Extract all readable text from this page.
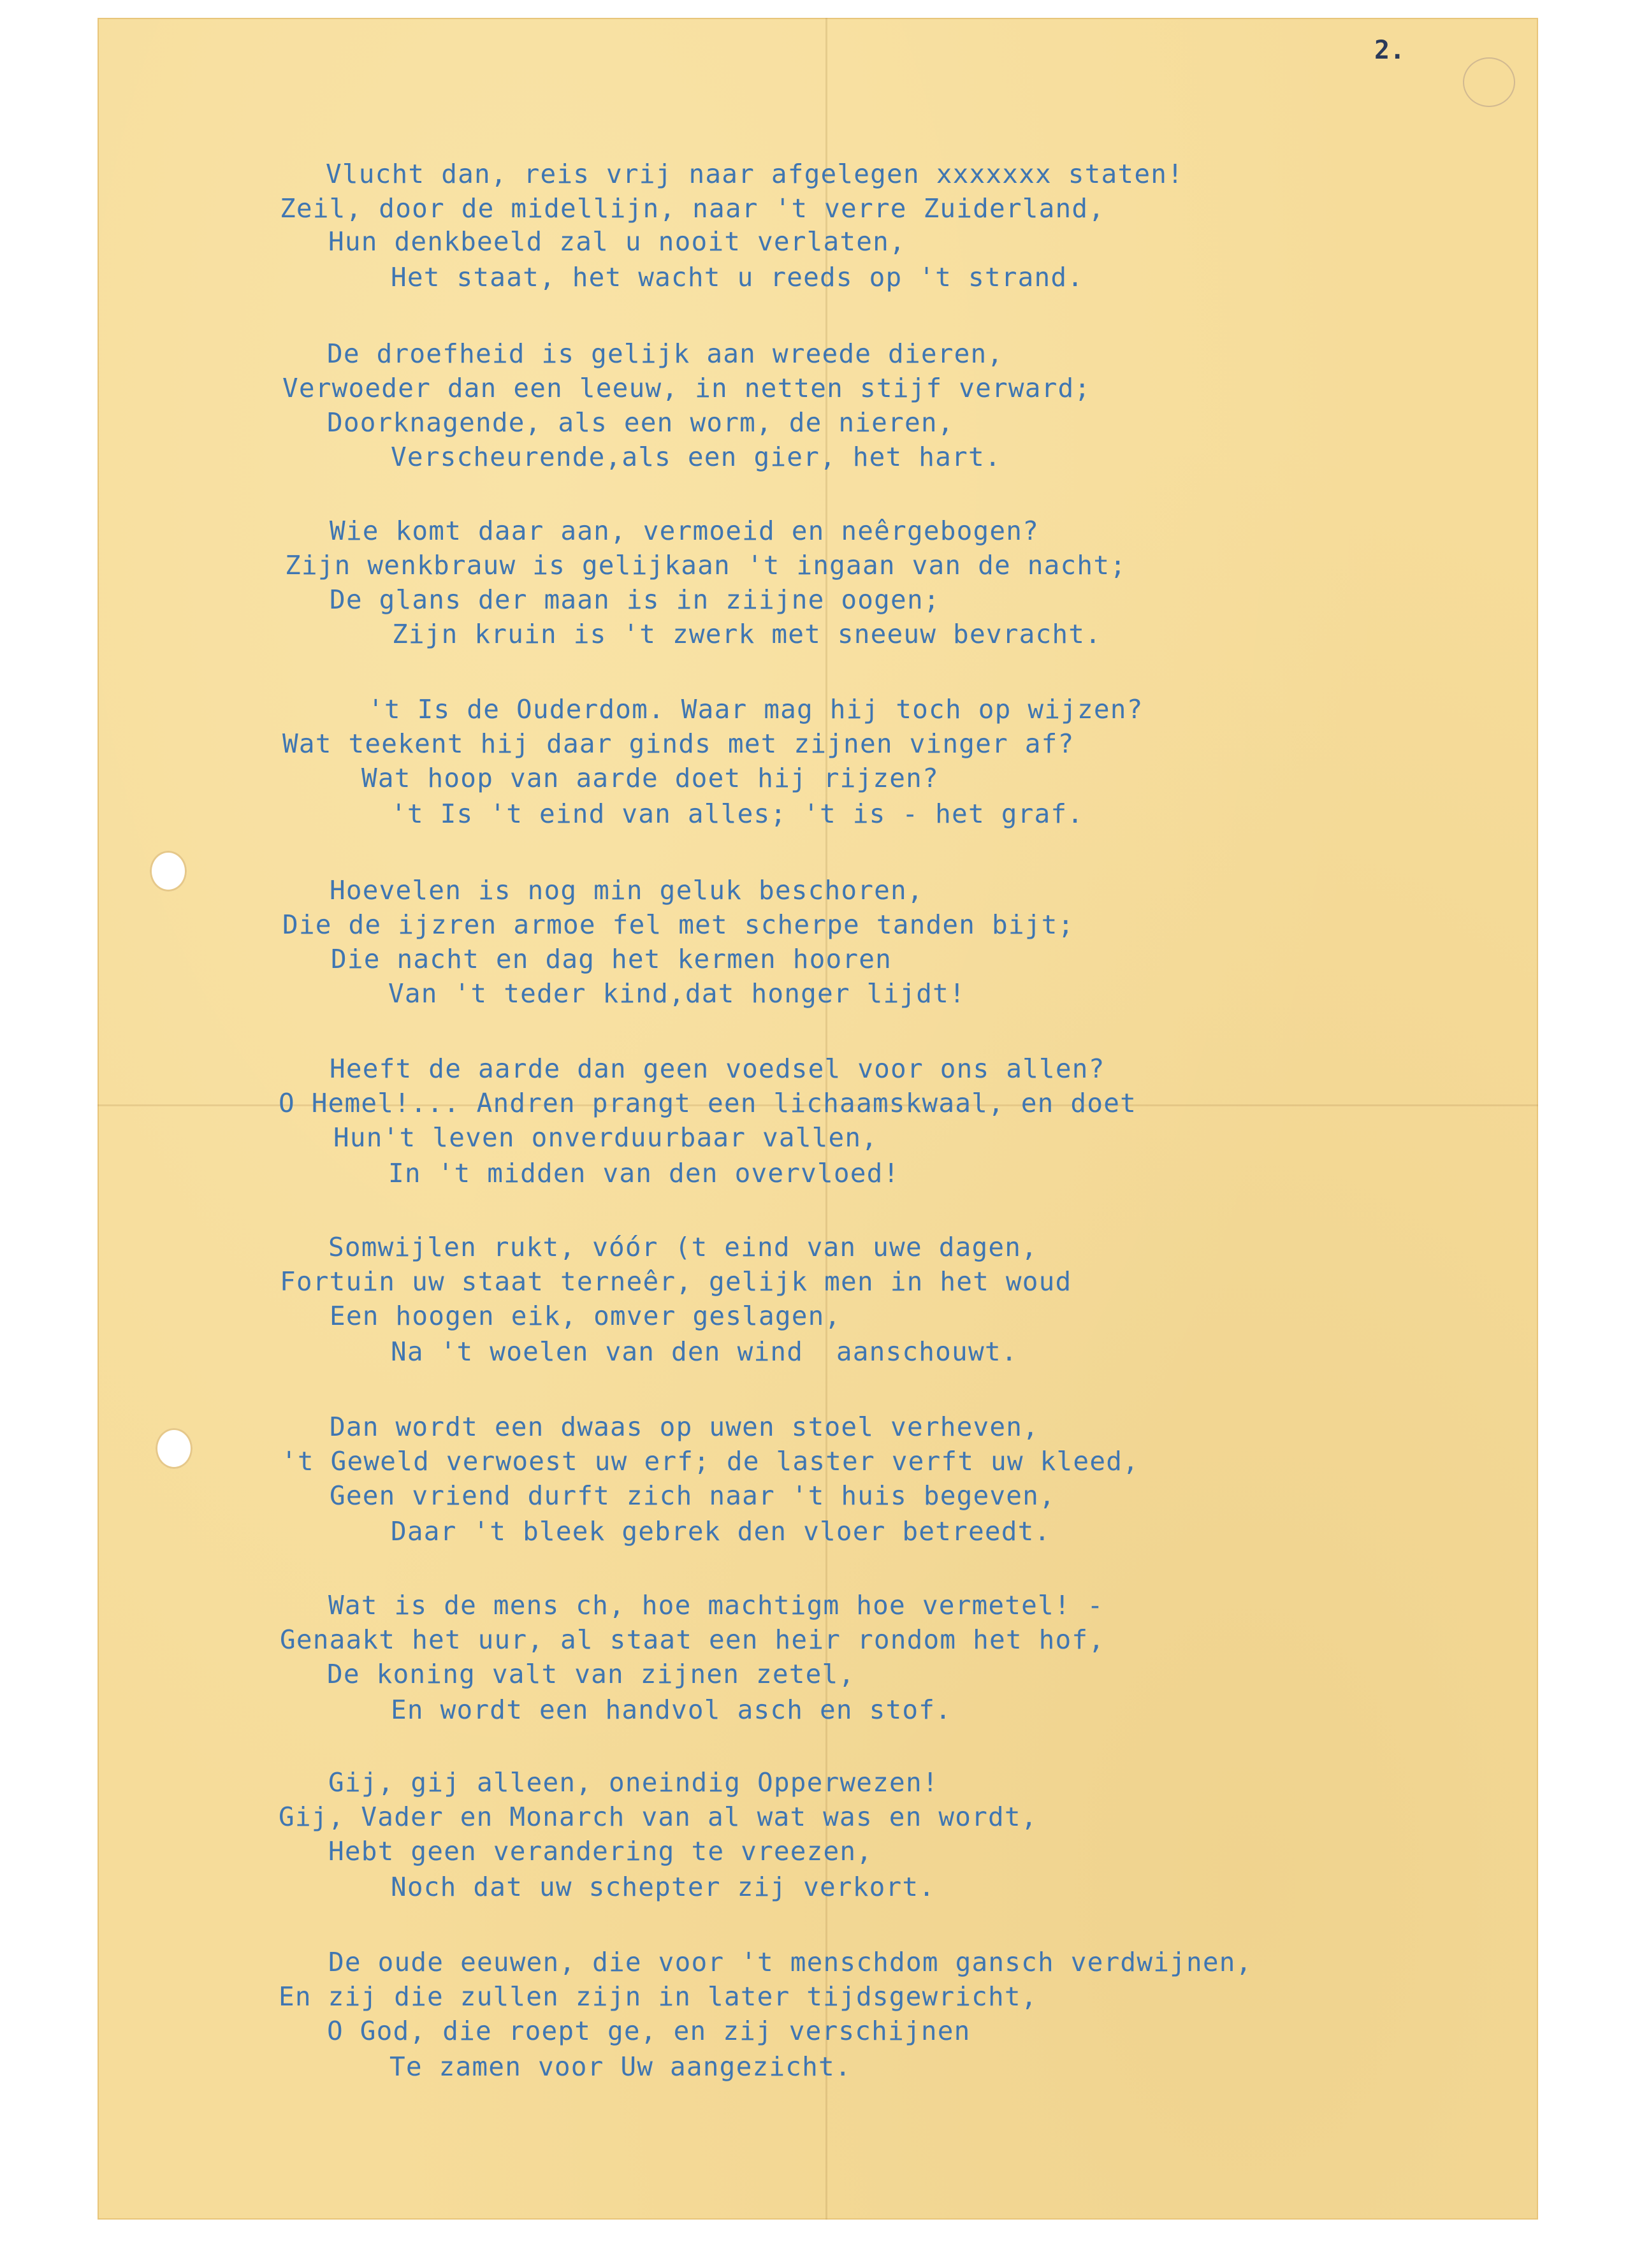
2.
Vlucht dan, reis vrij naar afgelegen xxxxxxx staten!
Zeil, door de midellijn, naar 't verre Zuiderland,
Hun denkbeeld zal u nooit verlaten,
Het staat, het wacht u reeds op 't strand.
De droefheid is gelijk aan wreede dieren,
Verwoeder dan een leeuw, in netten stijf verward;
Doorknagende, als een worm, de nieren,
Verscheurende,als een gier, het hart.
Wie komt daar aan, vermoeid en neêrgebogen?
Zijn wenkbrauw is gelijkaan 't ingaan van de nacht;
De glans der maan is in ziijne oogen;
Zijn kruin is 't zwerk met sneeuw bevracht.
't Is de Ouderdom. Waar mag hij toch op wijzen?
Wat teekent hij daar ginds met zijnen vinger af?
Wat hoop van aarde doet hij rijzen?
't Is 't eind van alles; 't is - het graf.
Hoevelen is nog min geluk beschoren,
Die de ijzren armoe fel met scherpe tanden bijt;
Die nacht en dag het kermen hooren
Van 't teder kind,dat honger lijdt!
Heeft de aarde dan geen voedsel voor ons allen?
O Hemel!... Andren prangt een lichaamskwaal, en doet
Hun't leven onverduurbaar vallen,
In 't midden van den overvloed!
Somwijlen rukt, vóór (t eind van uwe dagen,
Fortuin uw staat terneêr, gelijk men in het woud
Een hoogen eik, omver geslagen,
Na 't woelen van den wind  aanschouwt.
Dan wordt een dwaas op uwen stoel verheven,
't Geweld verwoest uw erf; de laster verft uw kleed,
Geen vriend durft zich naar 't huis begeven,
Daar 't bleek gebrek den vloer betreedt.
Wat is de mens ch, hoe machtigm hoe vermetel! -
Genaakt het uur, al staat een heir rondom het hof,
De koning valt van zijnen zetel,
En wordt een handvol asch en stof.
Gij, gij alleen, oneindig Opperwezen!
Gij, Vader en Monarch van al wat was en wordt,
Hebt geen verandering te vreezen,
Noch dat uw schepter zij verkort.
De oude eeuwen, die voor 't menschdom gansch verdwijnen,
En zij die zullen zijn in later tijdsgewricht,
O God, die roept ge, en zij verschijnen
Te zamen voor Uw aangezicht.
